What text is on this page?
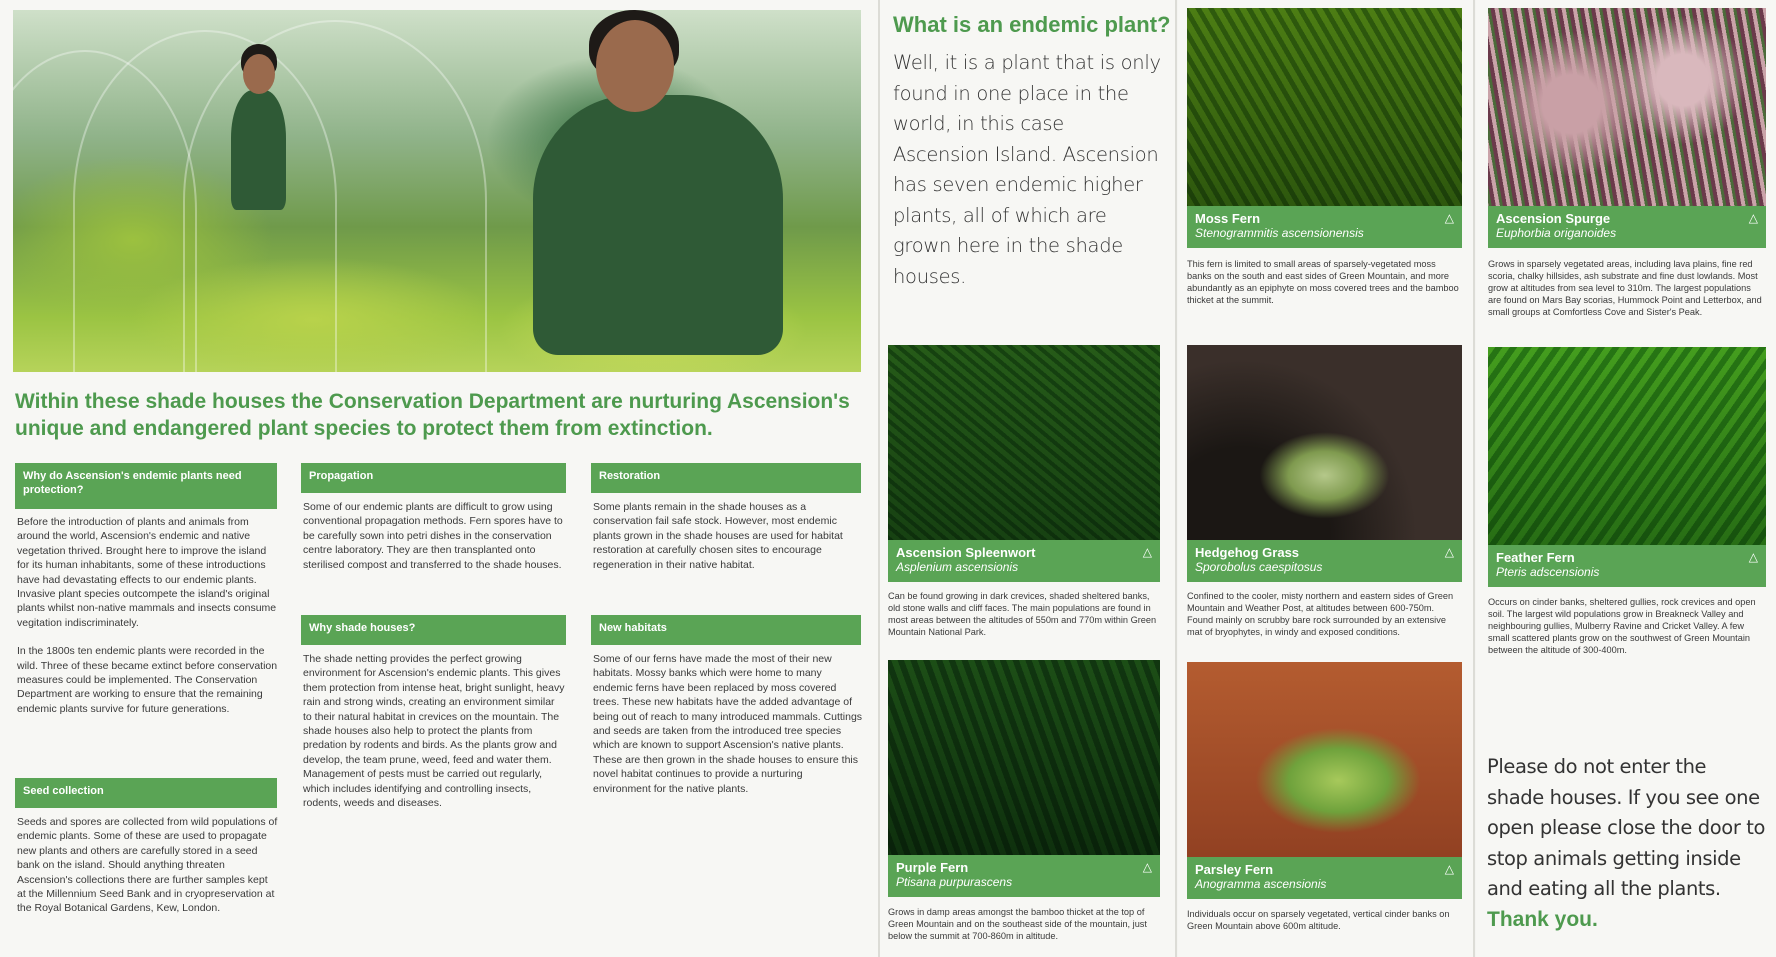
Within these shade houses the Conservation Department are nurturing Ascension's unique and endangered plant species to protect them from extinction.
Why do Ascension's endemic plants need protection?

Before the introduction of plants and animals from around the world, Ascension's endemic and native vegetation thrived. Brought here to improve the island for its human inhabitants, some of these introductions have had devastating effects to our endemic plants. Invasive plant species outcompete the island's original plants whilst non-native mammals and insects consume vegitation indiscriminately.

In the 1800s ten endemic plants were recorded in the wild. Three of these became extinct before conservation measures could be implemented. The Conservation Department are working to ensure that the remaining endemic plants survive for future generations.

Seed collection
Seeds and spores are collected from wild populations of endemic plants. Some of these are used to propagate new plants and others are carefully stored in a seed bank on the island. Should anything threaten Ascension's collections there are further samples kept at the Millennium Seed Bank and in cryopreservation at the Royal Botanical Gardens, Kew, London.
Propagation
Some of our endemic plants are difficult to grow using conventional propagation methods. Fern spores have to be carefully sown into petri dishes in the conservation centre laboratory. They are then transplanted onto sterilised compost and transferred to the shade houses.
Why shade houses?
The shade netting provides the perfect growing environment for Ascension's endemic plants. This gives them protection from intense heat, bright sunlight, heavy rain and strong winds, creating an environment similar to their natural habitat in crevices on the mountain. The shade houses also help to protect the plants from predation by rodents and birds. As the plants grow and develop, the team prune, weed, feed and water them. Management of pests must be carried out regularly, which includes identifying and controlling insects, rodents, weeds and diseases.
Restoration
Some plants remain in the shade houses as a conservation fail safe stock. However, most endemic plants grown in the shade houses are used for habitat restoration at carefully chosen sites to encourage regeneration in their native habitat.
New habitats
Some of our ferns have made the most of their new habitats. Mossy banks which were home to many endemic ferns have been replaced by moss covered trees. These new habitats have the added advantage of being out of reach to many introduced mammals. Cuttings and seeds are taken from the introduced tree species which are known to support Ascension's native plants. These are then grown in the shade houses to ensure this novel habitat continues to provide a nurturing environment for the native plants.
What is an endemic plant?
Well, it is a plant that is only found in one place in the world, in this case Ascension Island. Ascension has seven endemic higher plants, all of which are grown here in the shade houses.
Ascension Spleenwort
Asplenium ascensionis
△
Can be found growing in dark crevices, shaded sheltered banks, old stone walls and cliff faces. The main populations are found in most areas between the altitudes of 550m and 770m within Green Mountain National Park.
Purple Fern
Ptisana purpurascens
△
Grows in damp areas amongst the bamboo thicket at the top of Green Mountain and on the southeast side of the mountain, just below the summit at 700-860m in altitude.
Moss Fern
Stenogrammitis ascensionensis
△
This fern is limited to small areas of sparsely-vegetated moss banks on the south and east sides of Green Mountain, and more abundantly as an epiphyte on moss covered trees and the bamboo thicket at the summit.
Hedgehog Grass
Sporobolus caespitosus
△
Confined to the cooler, misty northern and eastern sides of Green Mountain and Weather Post, at altitudes between 600-750m. Found mainly on scrubby bare rock surrounded by an extensive mat of bryophytes, in windy and exposed conditions.
Parsley Fern
Anogramma ascensionis
△
Individuals occur on sparsely vegetated, vertical cinder banks on Green Mountain above 600m altitude.
Ascension Spurge
Euphorbia origanoides
△
Grows in sparsely vegetated areas, including lava plains, fine red scoria, chalky hillsides, ash substrate and fine dust lowlands. Most grow at altitudes from sea level to 310m. The largest populations are found on Mars Bay scorias, Hummock Point and Letterbox, and small groups at Comfortless Cove and Sister's Peak.
Feather Fern
Pteris adscensionis
△
Occurs on cinder banks, sheltered gullies, rock crevices and open soil. The largest wild populations grow in Breakneck Valley and neighbouring gullies, Mulberry Ravine and Cricket Valley. A few small scattered plants grow on the southwest of Green Mountain between the altitude of 300-400m.
Please do not enter the shade houses. If you see one open please close the door to stop animals getting inside and eating all the plants.
Thank you.
